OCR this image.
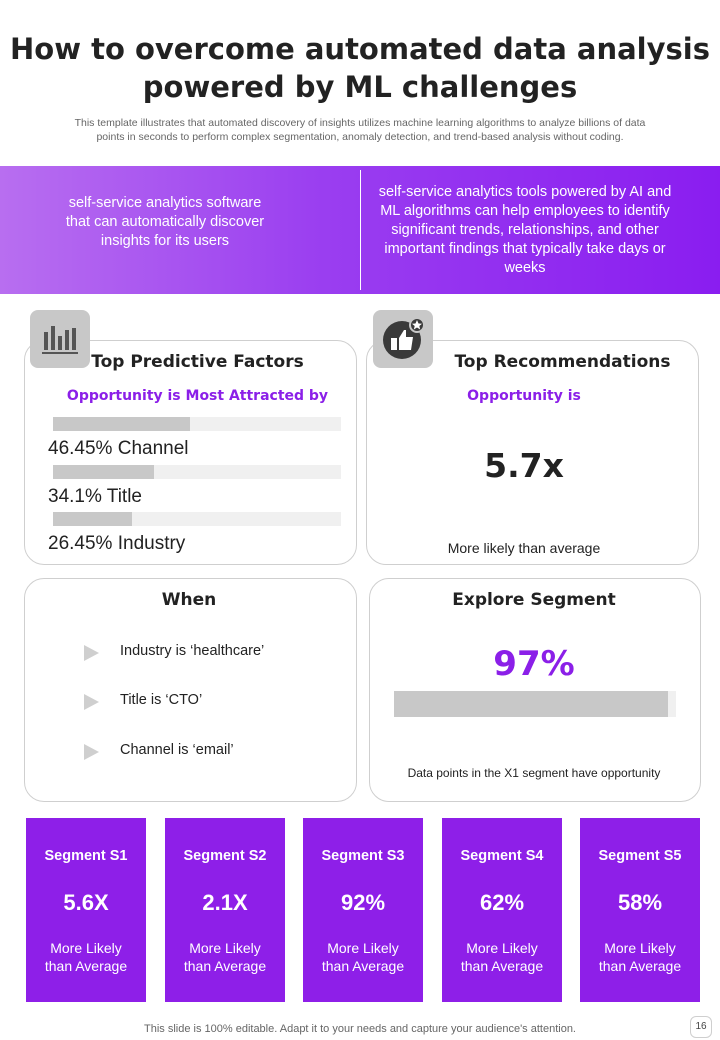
How to overcome automated data analysis
powered by ML challenges
This template illustrates that automated discovery of insights utilizes machine learning algorithms to analyze billions of data
points in seconds to perform complex segmentation, anomaly detection, and trend-based analysis without coding.
self-service analytics software that can automatically discover insights for its users
self-service analytics tools powered by AI and ML algorithms can help employees to identify significant trends, relationships, and other important findings that typically take days or weeks
Top Predictive Factors
Opportunity is Most Attracted by
46.45% Channel
34.1% Title
26.45% Industry
Top Recommendations
Opportunity is
5.7x
More likely than average
When
Industry is ‘healthcare’
Title is ‘CTO’
Channel is ‘email’
Explore Segment
97%
Data points in the X1 segment have opportunity
Segment S1
5.6X
More Likely
than Average
Segment S2
2.1X
More Likely
than Average
Segment S3
92%
More Likely
than Average
Segment S4
62%
More Likely
than Average
Segment S5
58%
More Likely
than Average
This slide is 100% editable. Adapt it to your needs and capture your audience's attention.	16
